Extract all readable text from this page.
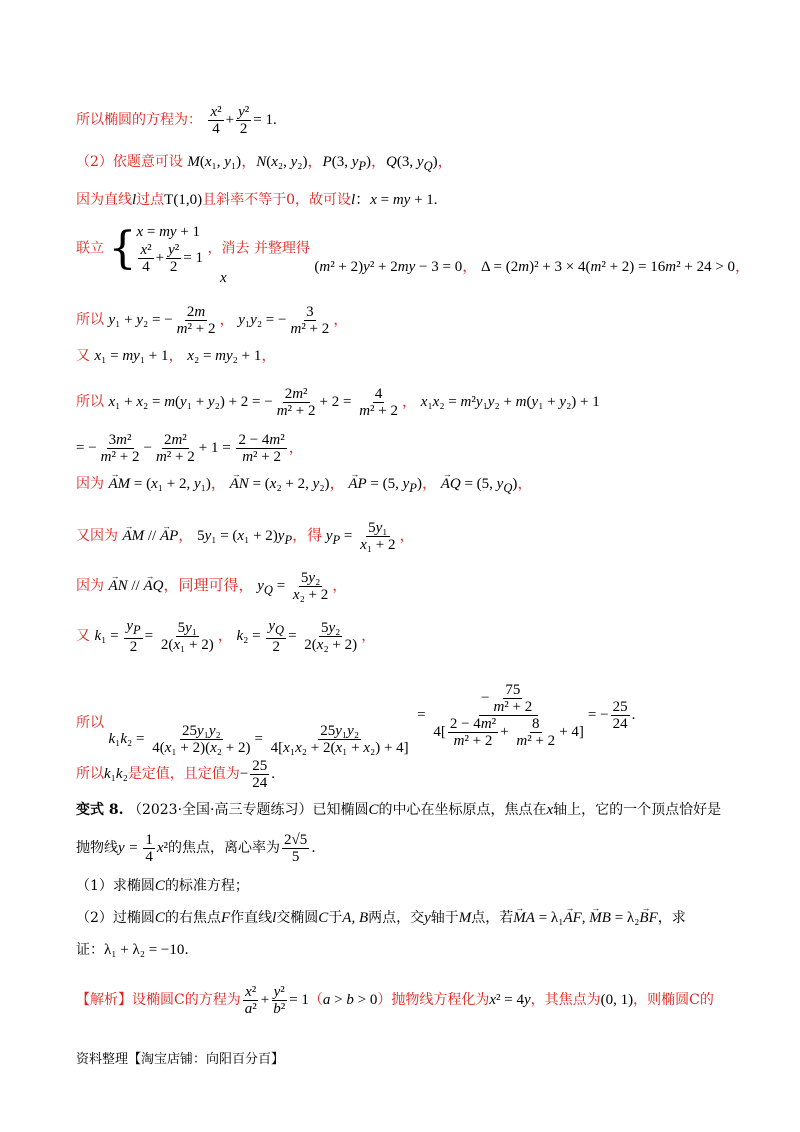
所以椭圆的方程为： $\frac{\text{x²}}{4} + \frac{\text{y²}}{2} = 1$.
（2）依题意可设 M(x₁, y₁)，N(x₂, y₂)，P(3, $y_P$)，Q(3, $y_Q$)，
因为直线l过点T(1,0)且斜率不等于0，故可设l：x = my + 1.
联立 { x = my + 1
$\frac{\text{x²}}{4} + \frac{\text{y²}}{2} = 1$
，消去 并整理得 (m² + 2)y² + 2my − 3 = 0， Δ = (2m)² + 3 × 4(m² + 2) = 16m² + 24 > 0，
x
所以 y₁ + y₂ = − $\frac{2m}{\text{m² + 2}}$ ， y₁y₂ = − $\frac{3}{\text{m² + 2}}$ ，
又 x₁ = my₁ + 1， x₂ = my₂ + 1，
所以 x₁ + x₂ = m(y₁ + y₂) + 2 = − $\frac{\text{2m²}}{\text{m² + 2}} + 2 = \frac{4}{\text{m² + 2}}$ ， x₁x₂ = m²y₁y₂ + m(y₁ + y₂) + 1
= − $\frac{\text{3m²}}{\text{m² + 2}} - \frac{\text{2m²}}{\text{m² + 2}} + 1 = \frac{\text{2 − 4m²}}{\text{m² + 2}}$ ，
因为 → AM = (x₁ + 2, y₁)， → AN = (x₂ + 2, y₂)， → AP = (5, $y_P$)， → AQ = (5, $y_Q$)，
又因为 → AM // → AP， $5y_1 = (x_1 + 2)y_P$，得 $y_P = \frac{\text{5y₁}}{\text{x₁ + 2}}$ ，
因为 → AN // → AQ，同理可得， $y_Q = \frac{\text{5y₂}}{\text{x₂ + 2}}$ ，
又 $k_1 = \frac{y_P}{2} = \frac{\text{5y₁}}{\text{2(x₁ + 2)}}$ ， $k_2 = \frac{y_Q}{2} = \frac{\text{5y₂}}{\text{2(x₂ + 2)}}$ ，
所以 $k_1k_2 = \frac{\text{25y₁y₂}}{\text{4(x₁ + 2)(x₂ + 2)}} = \frac{\text{25y₁y₂}}{\text{4[x₁x₂ + 2(x₁ + x₂) + 4]}}$
= $\frac{- \frac{75}{\text{m² + 2}}}{4[ \frac{\text{2 − 4m²}}{\text{m² + 2}} + \frac{8}{\text{m² + 2}} + 4]}$ = − $\frac{25}{24}$ .
所以k₁k₂是定值，且定值为− $\frac{25}{24}$ .
变式 8. （2023·全国·高三专题练习）已知椭圆C的中心在坐标原点，焦点在x轴上，它的一个顶点恰好是
抛物线$y = \frac{1}{4} x^2$的焦点，离心率为 $\frac{2√5}{5}$ .
（1）求椭圆C的标准方程；
（2）过椭圆C的右焦点F作直线l交椭圆C于A, B两点，交y轴于M点，若→ MA = λ₁→ AF, → MB = λ₂→ BF，求
证：λ₁ + λ₂ = −10.
【解析】设椭圆C的方程为 $\frac{\text{x²}}{\text{a²}} + \frac{\text{y²}}{\text{b²}} = 1(a > b > 0)$抛物线方程化为x² = 4y，其焦点为(0, 1)，则椭圆C的
资料整理【淘宝店铺：向阳百分百】
